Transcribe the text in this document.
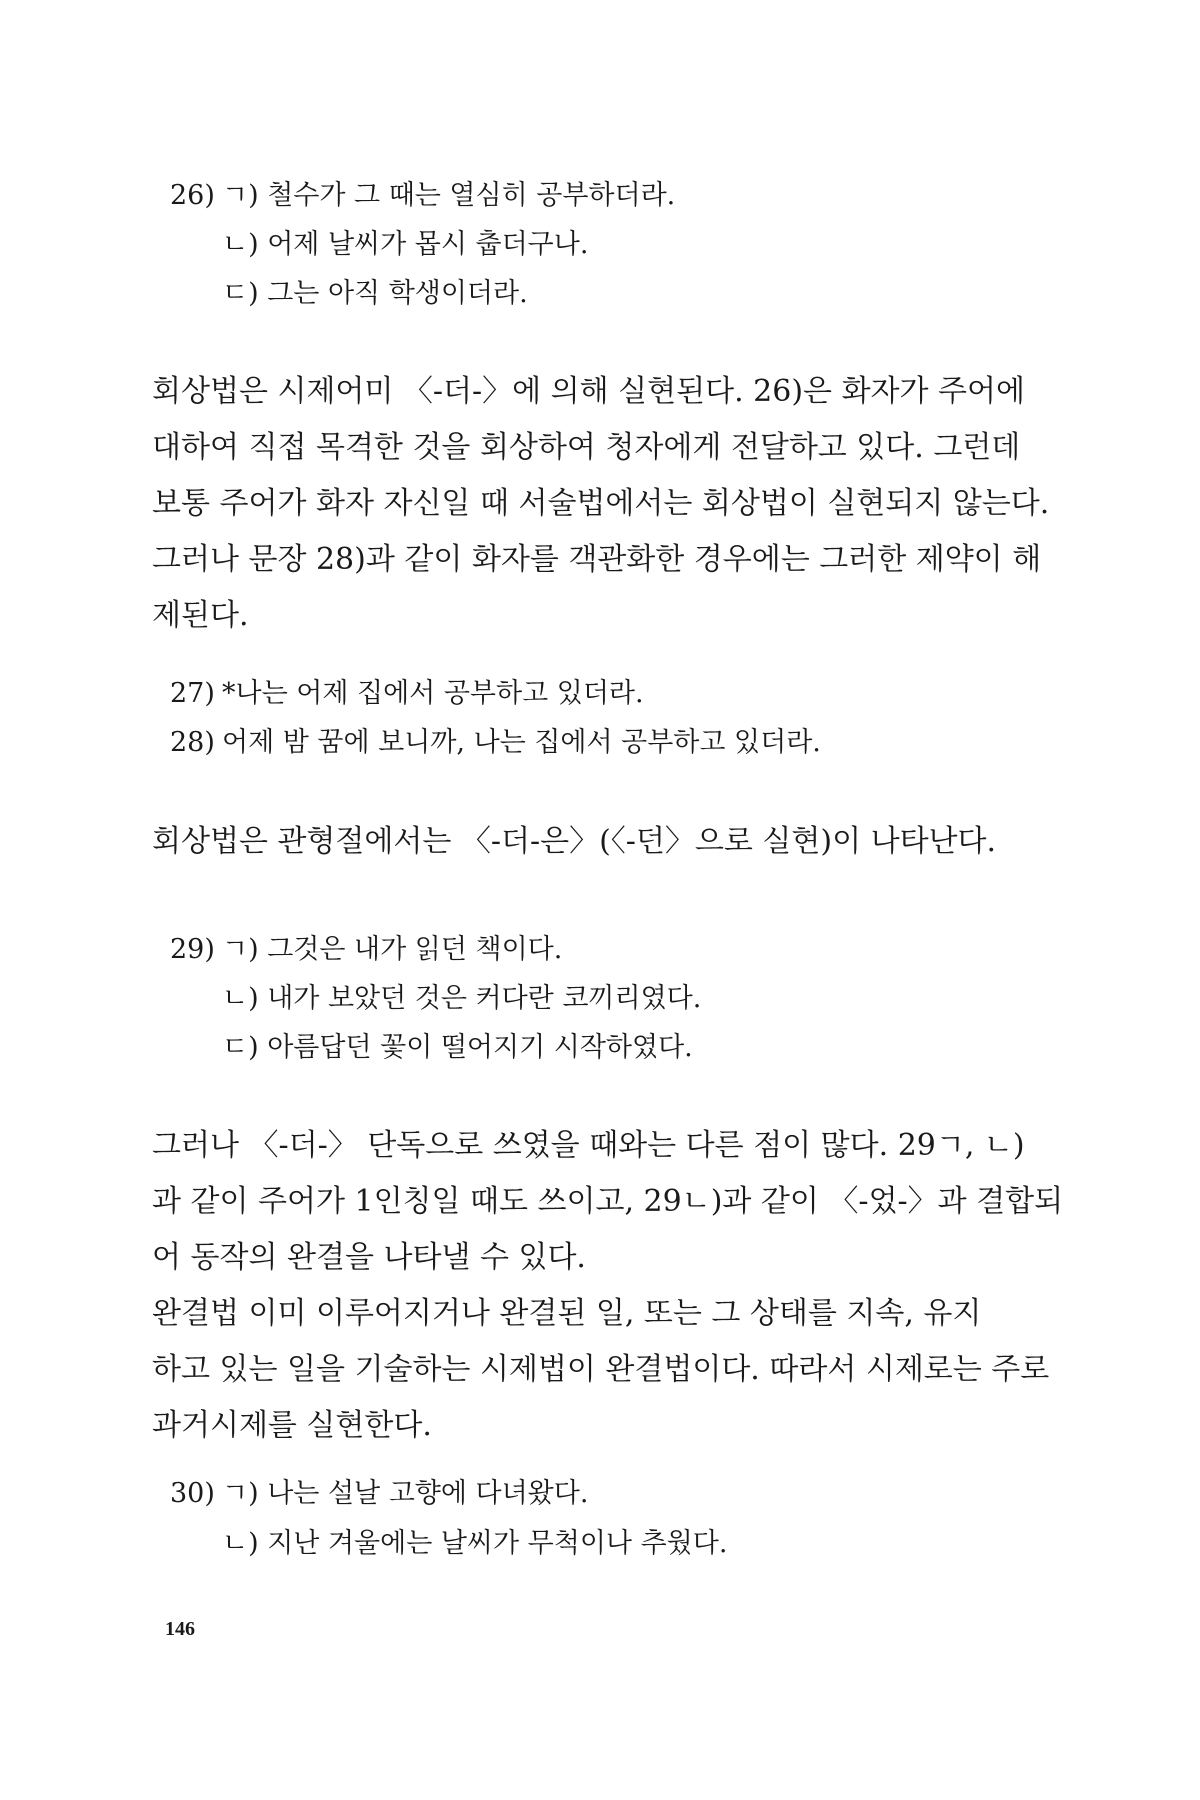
26) ㄱ) 철수가 그 때는 열심히 공부하더라.
ㄴ) 어제 날씨가 몹시 춥더구나.
ㄷ) 그는 아직 학생이더라.
회상법은 시제어미 〈-더-〉에 의해 실현된다. 26)은 화자가 주어에
대하여 직접 목격한 것을 회상하여 청자에게 전달하고 있다. 그런데
보통 주어가 화자 자신일 때 서술법에서는 회상법이 실현되지 않는다.
그러나 문장 28)과 같이 화자를 객관화한 경우에는 그러한 제약이 해
제된다.
27) *나는 어제 집에서 공부하고 있더라.
28) 어제 밤 꿈에 보니까, 나는 집에서 공부하고 있더라.
회상법은 관형절에서는 〈-더-은〉(〈-던〉으로 실현)이 나타난다.
29) ㄱ) 그것은 내가 읽던 책이다.
ㄴ) 내가 보았던 것은 커다란 코끼리였다.
ㄷ) 아름답던 꽃이 떨어지기 시작하였다.
그러나 〈-더-〉 단독으로 쓰였을 때와는 다른 점이 많다. 29ㄱ, ㄴ)
과 같이 주어가 1인칭일 때도 쓰이고, 29ㄴ)과 같이 〈-었-〉과 결합되
어 동작의 완결을 나타낼 수 있다.
완결법 이미 이루어지거나 완결된 일, 또는 그 상태를 지속, 유지
하고 있는 일을 기술하는 시제법이 완결법이다. 따라서 시제로는 주로
과거시제를 실현한다.
30) ㄱ) 나는 설날 고향에 다녀왔다.
ㄴ) 지난 겨울에는 날씨가 무척이나 추웠다.
146
